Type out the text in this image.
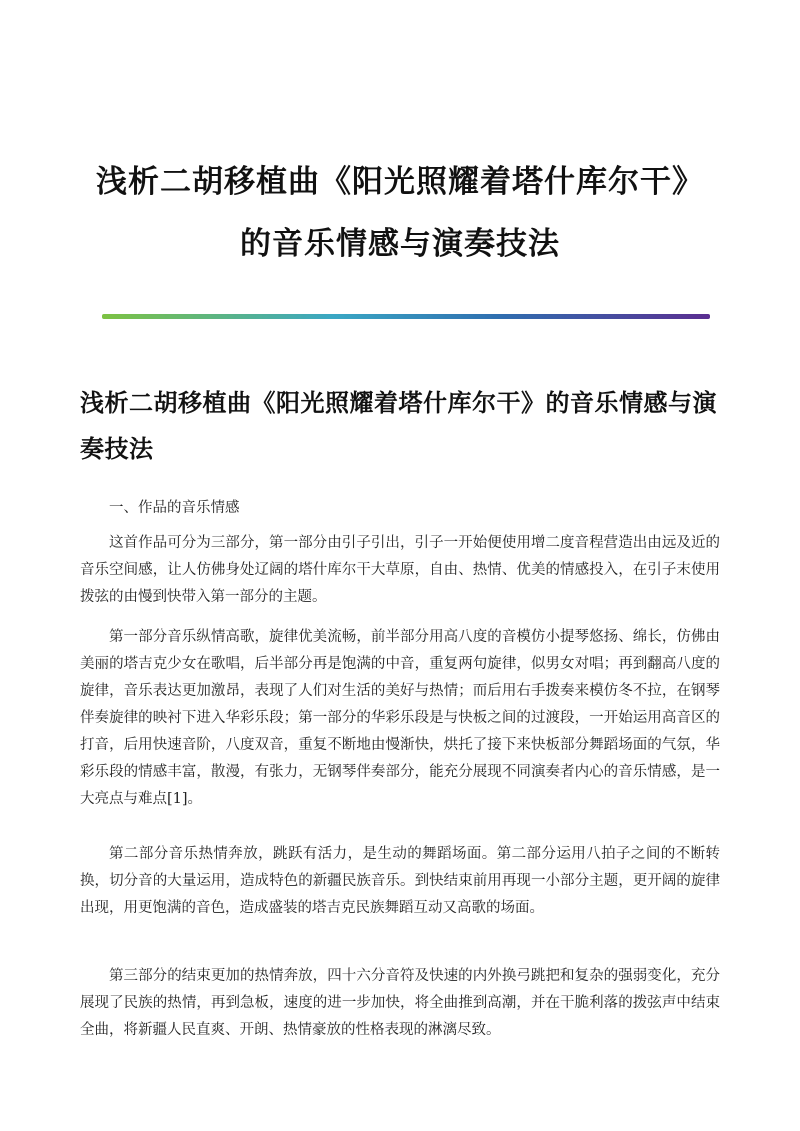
浅析二胡移植曲《阳光照耀着塔什库尔干》
的音乐情感与演奏技法
浅析二胡移植曲《阳光照耀着塔什库尔干》的音乐情感与演奏技法

一、作品的音乐情感

这首作品可分为三部分，第一部分由引子引出，引子一开始便使用增二度音程营造出由远及近的音乐空间感，让人仿佛身处辽阔的塔什库尔干大草原，自由、热情、优美的情感投入，在引子末使用拨弦的由慢到快带入第一部分的主题。

第一部分音乐纵情高歌，旋律优美流畅，前半部分用高八度的音模仿小提琴悠扬、绵长，仿佛由美丽的塔吉克少女在歌唱，后半部分再是饱满的中音，重复两句旋律，似男女对唱；再到翻高八度的旋律，音乐表达更加激昂，表现了人们对生活的美好与热情；而后用右手拨奏来模仿冬不拉，在钢琴伴奏旋律的映衬下进入华彩乐段；第一部分的华彩乐段是与快板之间的过渡段，一开始运用高音区的打音，后用快速音阶，八度双音，重复不断地由慢渐快，烘托了接下来快板部分舞蹈场面的气氛，华彩乐段的情感丰富，散漫，有张力，无钢琴伴奏部分，能充分展现不同演奏者内心的音乐情感，是一大亮点与难点[1]。

第二部分音乐热情奔放，跳跃有活力，是生动的舞蹈场面。第二部分运用八拍子之间的不断转换，切分音的大量运用，造成特色的新疆民族音乐。到快结束前用再现一小部分主题，更开阔的旋律出现，用更饱满的音色，造成盛装的塔吉克民族舞蹈互动又高歌的场面。

第三部分的结束更加的热情奔放，四十六分音符及快速的内外换弓跳把和复杂的强弱变化，充分展现了民族的热情，再到急板，速度的进一步加快，将全曲推到高潮，并在干脆利落的拨弦声中结束全曲，将新疆人民直爽、开朗、热情豪放的性格表现的淋漓尽致。
